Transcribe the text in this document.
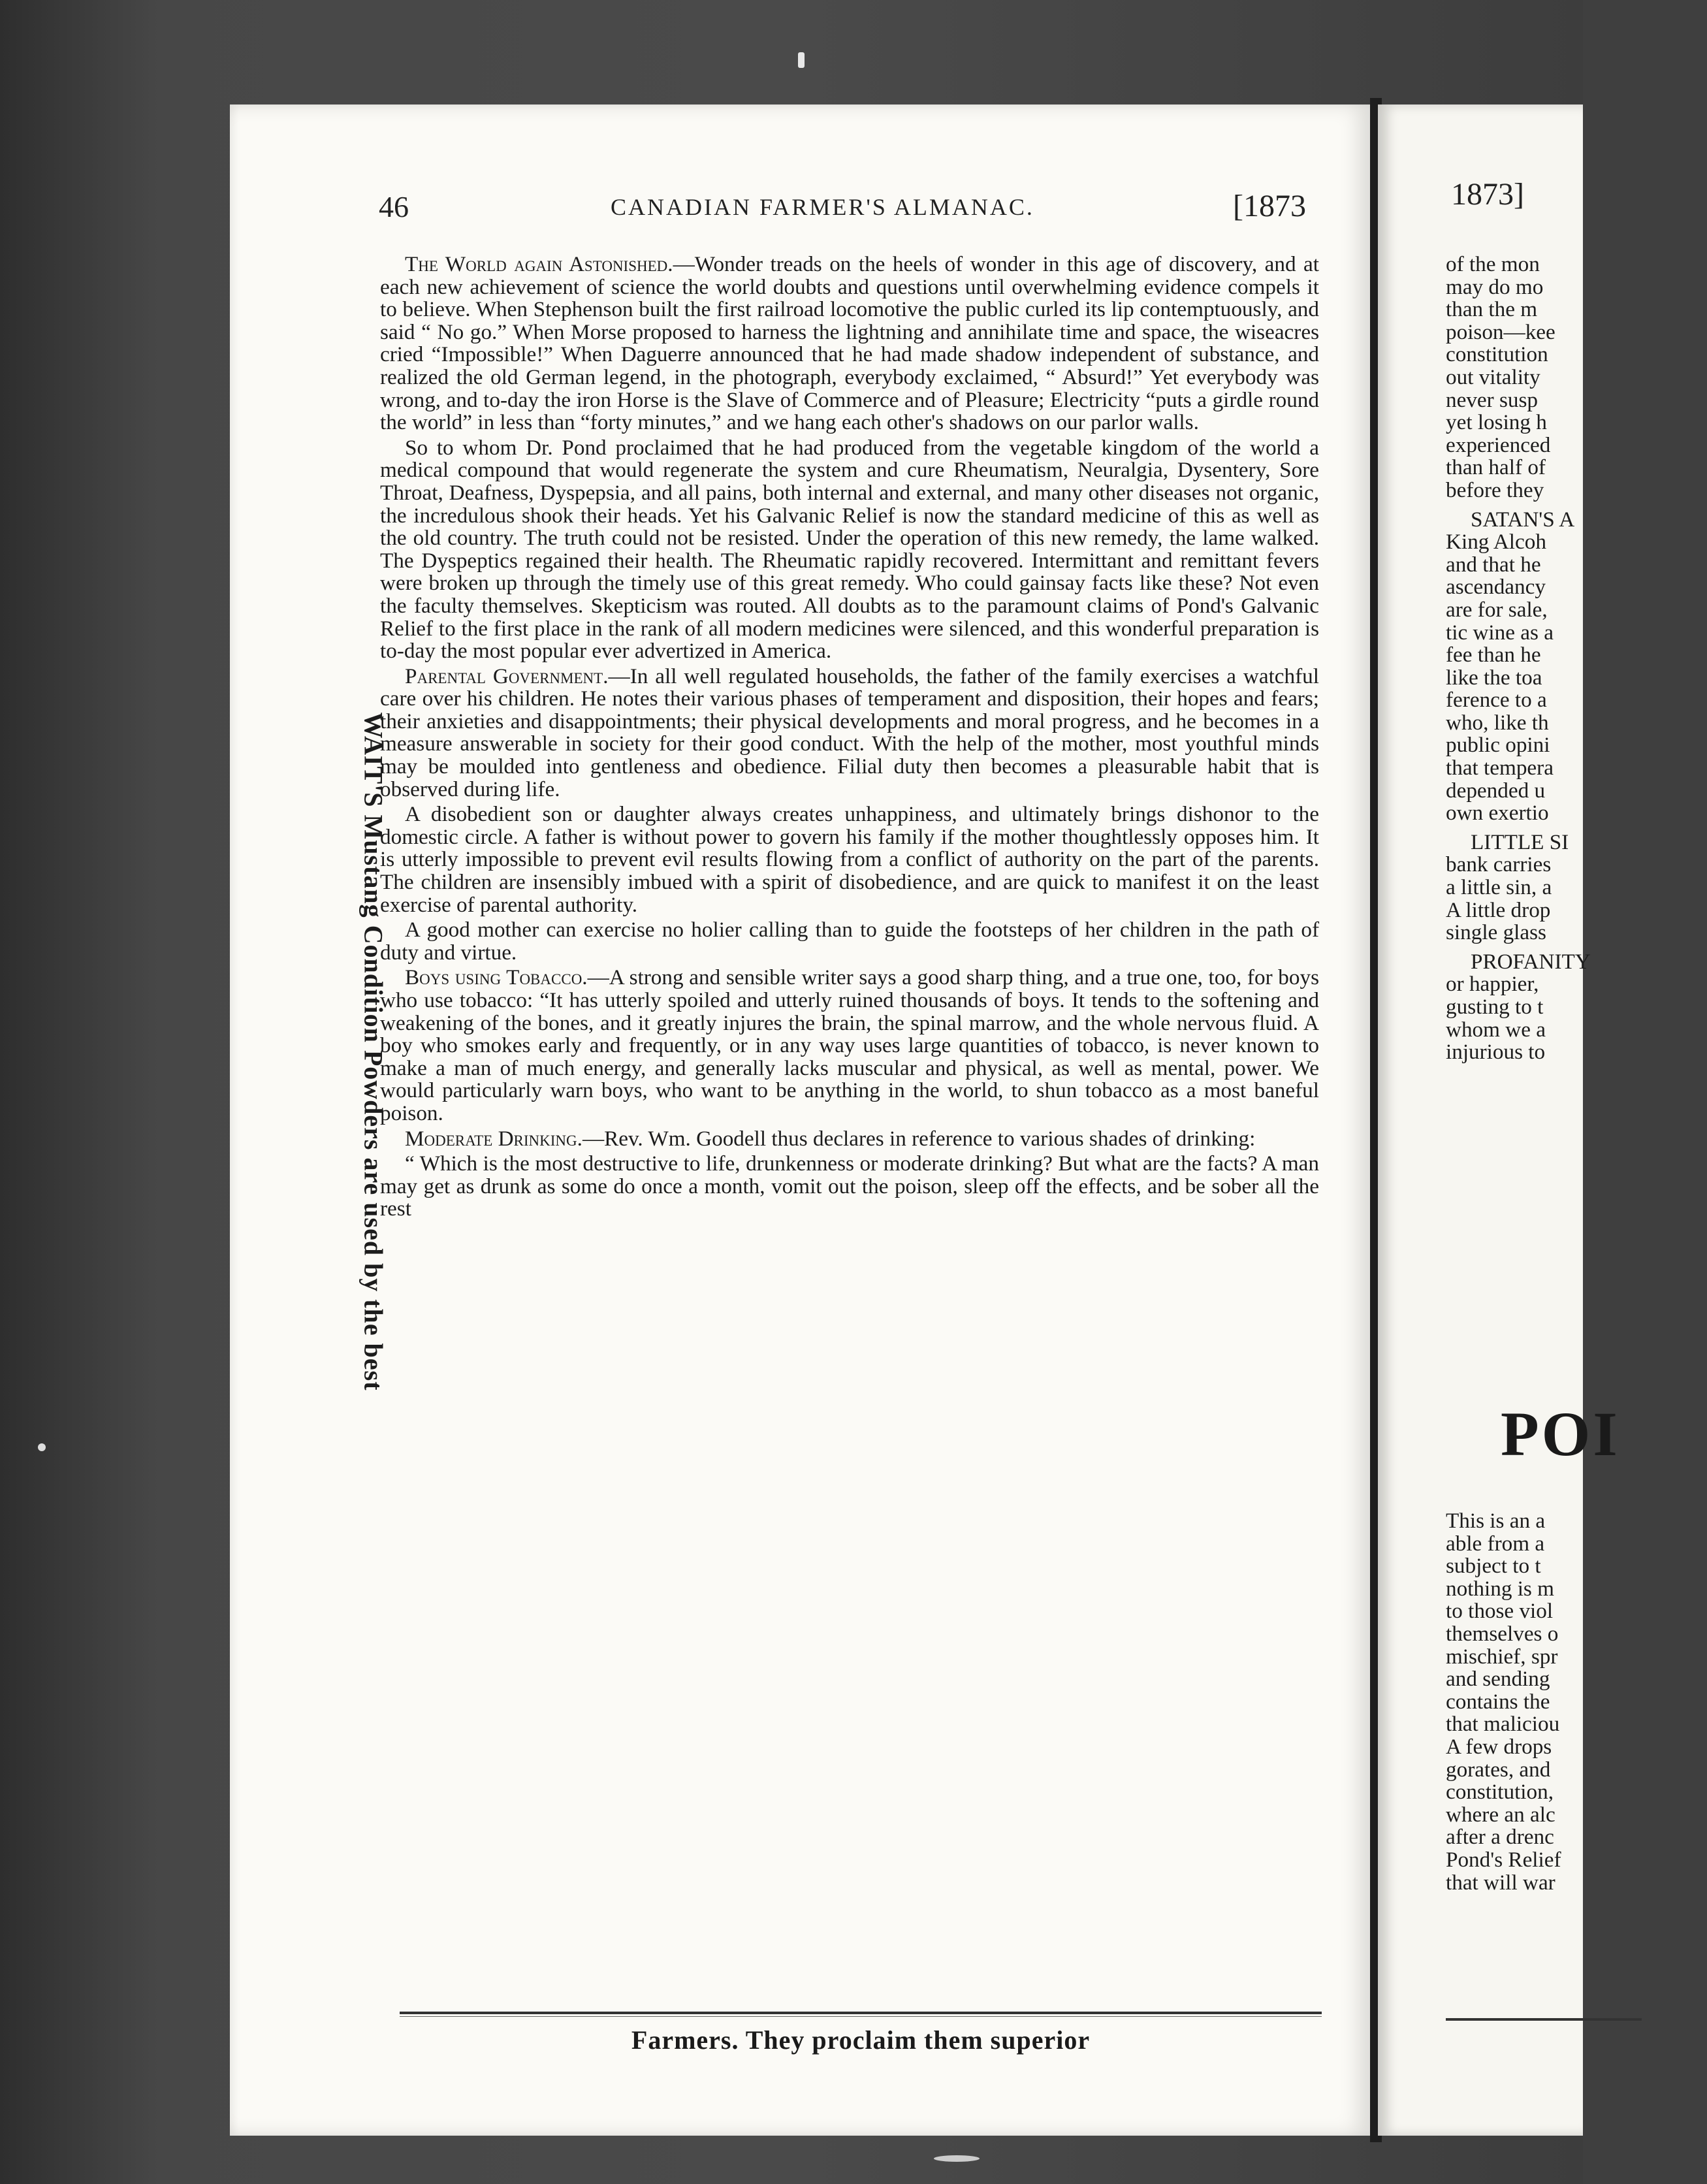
46	CANADIAN FARMER'S ALMANAC.	[1873
WAIT'S Mustang Condition Powders are used by the best

The World again Astonished.—Wonder treads on the heels of wonder in this age of discovery, and at each new achievement of science the world doubts and questions until overwhelming evidence compels it to believe. When Stephenson built the first railroad locomotive the public curled its lip contemptuously, and said “ No go.” When Morse proposed to harness the lightning and annihilate time and space, the wiseacres cried “Impossible!” When Daguerre announced that he had made shadow independent of substance, and realized the old German legend, in the photograph, everybody exclaimed, “ Absurd!” Yet everybody was wrong, and to-day the iron Horse is the Slave of Commerce and of Pleasure; Electricity “puts a girdle round the world” in less than “forty minutes,” and we hang each other's shadows on our parlor walls.

So to whom Dr. Pond proclaimed that he had produced from the vegetable kingdom of the world a medical compound that would regenerate the system and cure Rheumatism, Neuralgia, Dysentery, Sore Throat, Deafness, Dyspepsia, and all pains, both internal and external, and many other diseases not organic, the incredulous shook their heads. Yet his Galvanic Relief is now the standard medicine of this as well as the old country. The truth could not be resisted. Under the operation of this new remedy, the lame walked. The Dyspeptics regained their health. The Rheumatic rapidly recovered. Intermittant and remittant fevers were broken up through the timely use of this great remedy. Who could gainsay facts like these? Not even the faculty themselves. Skepticism was routed. All doubts as to the paramount claims of Pond's Galvanic Relief to the first place in the rank of all modern medicines were silenced, and this wonderful preparation is to-day the most popular ever advertized in America.

Parental Government.—In all well regulated households, the father of the family exercises a watchful care over his children. He notes their various phases of temperament and disposition, their hopes and fears; their anxieties and disappointments; their physical developments and moral progress, and he becomes in a measure answerable in society for their good conduct. With the help of the mother, most youthful minds may be moulded into gentleness and obedience. Filial duty then becomes a pleasurable habit that is observed during life.

A disobedient son or daughter always creates unhappiness, and ultimately brings dishonor to the domestic circle. A father is without power to govern his family if the mother thoughtlessly opposes him. It is utterly impossible to prevent evil results flowing from a conflict of authority on the part of the parents. The children are insensibly imbued with a spirit of disobedience, and are quick to manifest it on the least exercise of parental authority.

A good mother can exercise no holier calling than to guide the footsteps of her children in the path of duty and virtue.

Boys using Tobacco.—A strong and sensible writer says a good sharp thing, and a true one, too, for boys who use tobacco: “It has utterly spoiled and utterly ruined thousands of boys. It tends to the softening and weakening of the bones, and it greatly injures the brain, the spinal marrow, and the whole nervous fluid. A boy who smokes early and frequently, or in any way uses large quantities of tobacco, is never known to make a man of much energy, and generally lacks muscular and physical, as well as mental, power. We would particularly warn boys, who want to be anything in the world, to shun tobacco as a most baneful poison.

Moderate Drinking.—Rev. Wm. Goodell thus declares in reference to various shades of drinking:

“ Which is the most destructive to life, drunkenness or moderate drinking? But what are the facts? A man may get as drunk as some do once a month, vomit out the poison, sleep off the effects, and be sober all the rest

Farmers. They proclaim them superior
1873]
of the mon
may do mo
than the m
poison—kee
constitution
out vitality
never susp
yet losing h
experienced
than half of
before they
SATAN'S A
King Alcoh
and that he
ascendancy
are for sale,
tic wine as a
fee than he
like the toa
ference to a
who, like th
public opini
that tempera
depended u
own exertio
LITTLE SI
bank carries
a little sin, a
A little drop
single glass
PROFANITY
or happier,
gusting to t
whom we a
injurious to
POI
This is an a
able from a
subject to t
nothing is m
to those viol
themselves o
mischief, spr
and sending
contains the
that maliciou
A few drops
gorates, and
constitution,
where an alc
after a drenc
Pond's Relief
that will war
